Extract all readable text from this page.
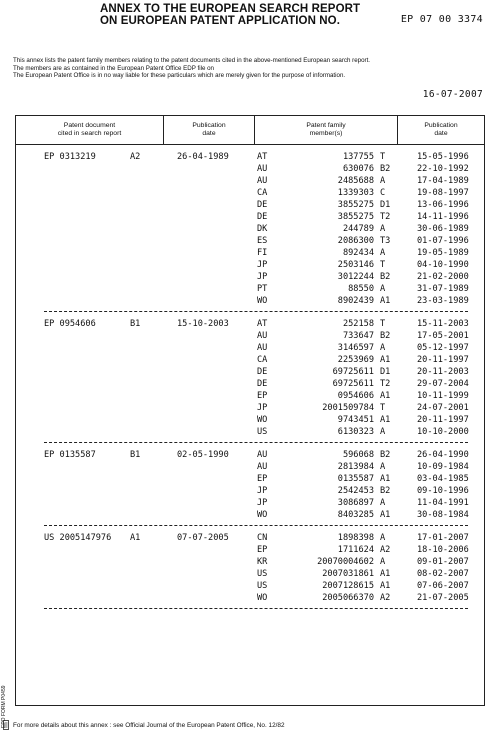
ANNEX TO THE EUROPEAN SEARCH REPORT
ON EUROPEAN PATENT APPLICATION NO.	EP 07 00 3374
This annex lists the patent family members relating to the patent documents cited in the above-mentioned European search report.
The members are as contained in the European Patent Office EDP file on
The European Patent Office is in no way liable for these particulars which are merely given for the purpose of information.
16-07-2007
Patent document
cited in search report
Publication
date
Patent family
member(s)
Publication
date
EP 0313219	A2	26-04-1989	AT	137755 T	15-05-1996
AU	630076 B2	22-10-1992
AU	2485688 A	17-04-1989
CA	1339303 C	19-08-1997
DE	3855275 D1	13-06-1996
DE	3855275 T2	14-11-1996
DK	244789 A	30-06-1989
ES	2086300 T3	01-07-1996
FI	892434 A	19-05-1989
JP	2503146 T	04-10-1990
JP	3012244 B2	21-02-2000
PT	88550 A	31-07-1989
WO	8902439 A1	23-03-1989
EP 0954606	B1	15-10-2003	AT	252158 T	15-11-2003
AU	733647 B2	17-05-2001
AU	3146597 A	05-12-1997
CA	2253969 A1	20-11-1997
DE	69725611 D1	20-11-2003
DE	69725611 T2	29-07-2004
EP	0954606 A1	10-11-1999
JP	2001509784 T	24-07-2001
WO	9743451 A1	20-11-1997
US	6130323 A	10-10-2000
EP 0135587	B1	02-05-1990	AU	596068 B2	26-04-1990
AU	2813984 A	10-09-1984
EP	0135587 A1	03-04-1985
JP	2542453 B2	09-10-1996
JP	3086897 A	11-04-1991
WO	8403285 A1	30-08-1984
US 2005147976 A1	07-07-2005	CN	1898398 A	17-01-2007
EP	1711624 A2	18-10-2006
KR	20070004602 A	09-01-2007
US	2007031861 A1	08-02-2007
US	2007128615 A1	07-06-2007
WO	2005066370 A2	21-07-2005
EPO FORM P0459 For more details about this annex : see Official Journal of the European Patent Office, No. 12/82
